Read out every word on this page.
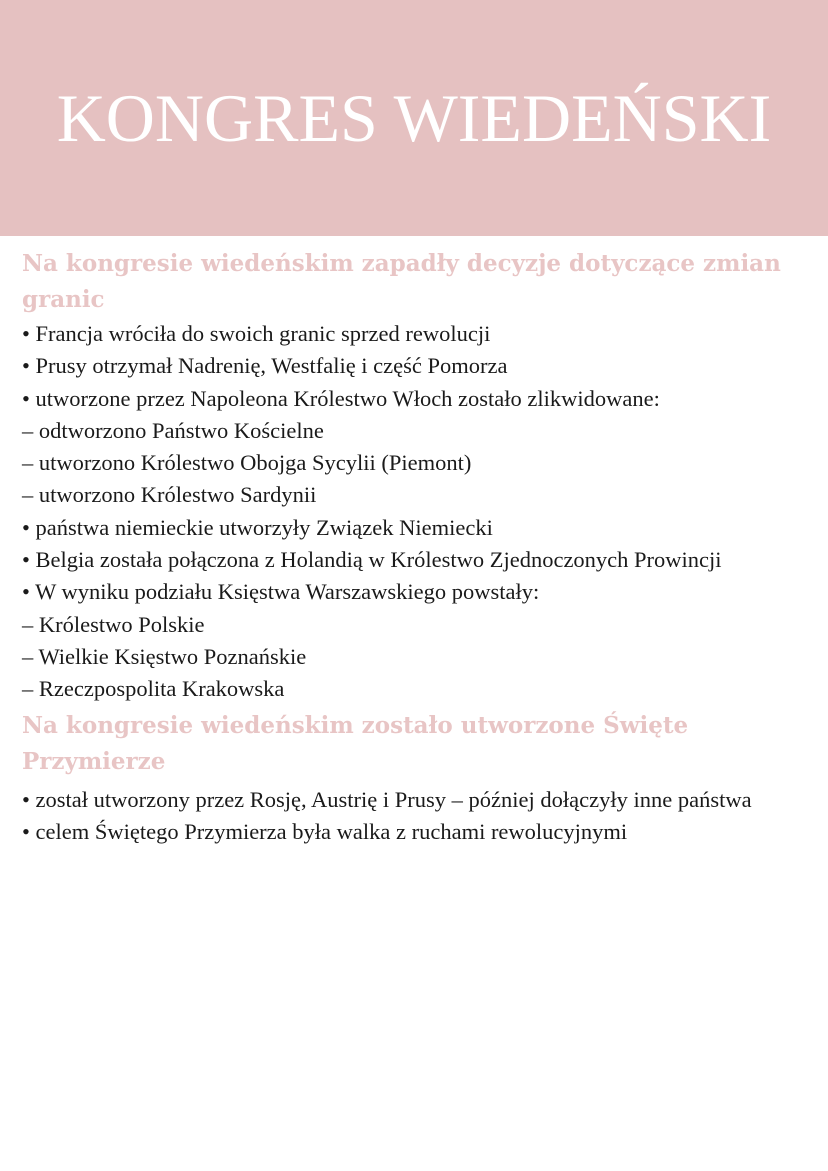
KONGRES WIEDEŃSKI
Na kongresie wiedeńskim zapadły decyzje dotyczące zmian granic
• Francja wróciła do swoich granic sprzed rewolucji
• Prusy otrzymał Nadrenię, Westfalię i część Pomorza
• utworzone przez Napoleona Królestwo Włoch zostało zlikwidowane:
– odtworzono Państwo Kościelne
– utworzono Królestwo Obojga Sycylii (Piemont)
– utworzono Królestwo Sardynii
• państwa niemieckie utworzyły Związek Niemiecki
• Belgia została połączona z Holandią w Królestwo Zjednoczonych Prowincji
• W wyniku podziału Księstwa Warszawskiego powstały:
– Królestwo Polskie
– Wielkie Księstwo Poznańskie
– Rzeczpospolita Krakowska
Na kongresie wiedeńskim zostało utworzone Święte Przymierze
• został utworzony przez Rosję, Austrię i Prusy – później dołączyły inne państwa
• celem Świętego Przymierza była walka z ruchami rewolucyjnymi
